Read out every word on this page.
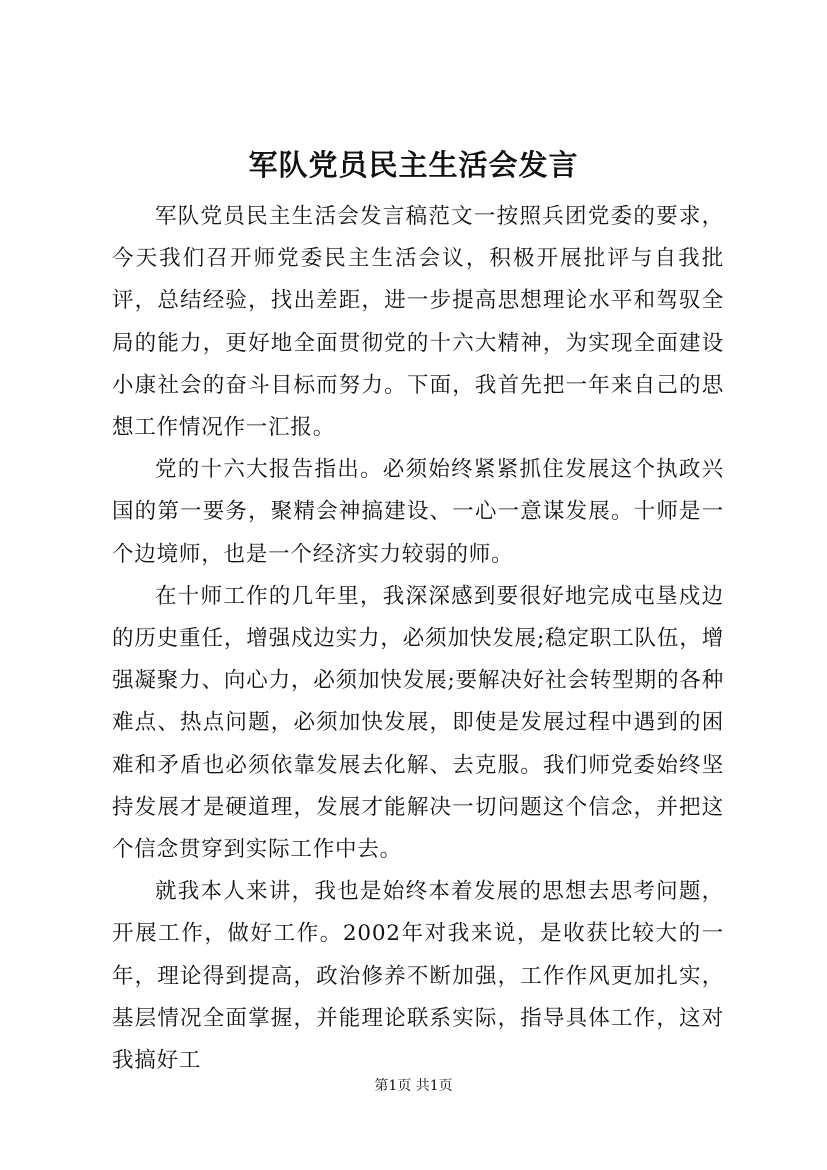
军队党员民主生活会发言

军队党员民主生活会发言稿范文一按照兵团党委的要求，今天我们召开师党委民主生活会议，积极开展批评与自我批评，总结经验，找出差距，进一步提高思想理论水平和驾驭全局的能力，更好地全面贯彻党的十六大精神，为实现全面建设小康社会的奋斗目标而努力。下面，我首先把一年来自己的思想工作情况作一汇报。

党的十六大报告指出。必须始终紧紧抓住发展这个执政兴国的第一要务，聚精会神搞建设、一心一意谋发展。十师是一个边境师，也是一个经济实力较弱的师。

在十师工作的几年里，我深深感到要很好地完成屯垦戍边的历史重任，增强戍边实力，必须加快发展;稳定职工队伍，增强凝聚力、向心力，必须加快发展;要解决好社会转型期的各种难点、热点问题，必须加快发展，即使是发展过程中遇到的困难和矛盾也必须依靠发展去化解、去克服。我们师党委始终坚持发展才是硬道理，发展才能解决一切问题这个信念，并把这个信念贯穿到实际工作中去。

就我本人来讲，我也是始终本着发展的思想去思考问题，开展工作，做好工作。2002年对我来说，是收获比较大的一年，理论得到提高，政治修养不断加强，工作作风更加扎实，基层情况全面掌握，并能理论联系实际，指导具体工作，这对我搞好工

第1页 共1页
